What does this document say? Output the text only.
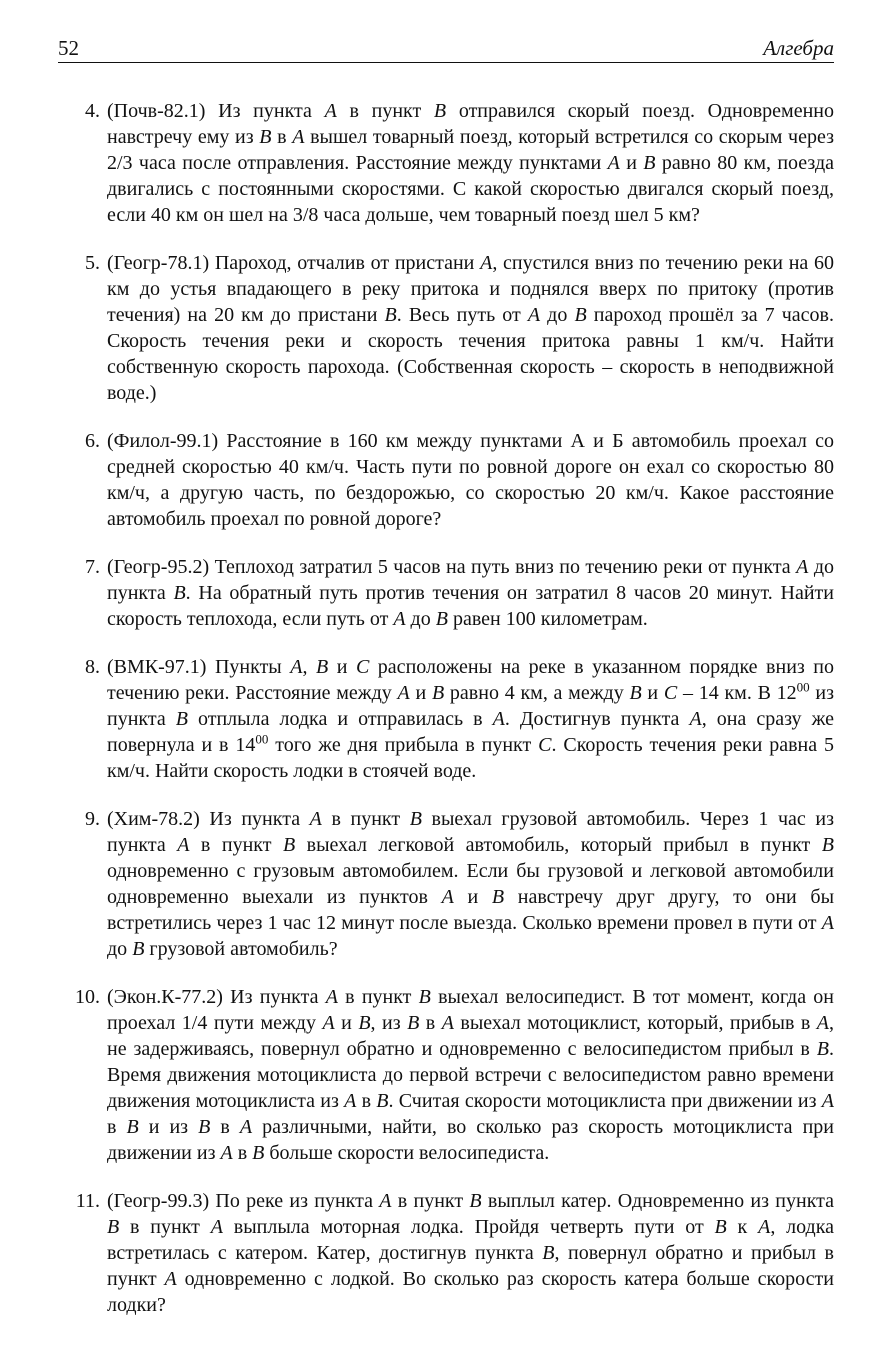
52	Алгебра
4. (Почв-82.1) Из пункта A в пункт B отправился скорый поезд. Одновременно навстречу ему из B в A вышел товарный поезд, который встретился со скорым через 2/3 часа после отправления. Расстояние между пунктами A и B равно 80 км, поезда двигались с постоянными скоростями. С какой скоростью двигался скорый поезд, если 40 км он шел на 3/8 часа дольше, чем товарный поезд шел 5 км?
5. (Геогр-78.1) Пароход, отчалив от пристани A, спустился вниз по течению реки на 60 км до устья впадающего в реку притока и поднялся вверх по притоку (против течения) на 20 км до пристани B. Весь путь от A до B пароход прошёл за 7 часов. Скорость течения реки и скорость течения притока равны 1 км/ч. Найти собственную скорость парохода. (Собственная скорость – скорость в неподвижной воде.)
6. (Филол-99.1) Расстояние в 160 км между пунктами А и Б автомобиль проехал со средней скоростью 40 км/ч. Часть пути по ровной дороге он ехал со скоростью 80 км/ч, а другую часть, по бездорожью, со скоростью 20 км/ч. Какое расстояние автомобиль проехал по ровной дороге?
7. (Геогр-95.2) Теплоход затратил 5 часов на путь вниз по течению реки от пункта A до пункта B. На обратный путь против течения он затратил 8 часов 20 минут. Найти скорость теплохода, если путь от A до B равен 100 километрам.
8. (ВМК-97.1) Пункты A, B и C расположены на реке в указанном порядке вниз по течению реки. Расстояние между A и B равно 4 км, а между B и C – 14 км. В $12^{00}$ из пункта B отплыла лодка и отправилась в A. Достигнув пункта A, она сразу же повернула и в $14^{00}$ того же дня прибыла в пункт C. Скорость течения реки равна 5 км/ч. Найти скорость лодки в стоячей воде.
9. (Хим-78.2) Из пункта A в пункт B выехал грузовой автомобиль. Через 1 час из пункта A в пункт B выехал легковой автомобиль, который прибыл в пункт B одновременно с грузовым автомобилем. Если бы грузовой и легковой автомобили одновременно выехали из пунктов A и B навстречу друг другу, то они бы встретились через 1 час 12 минут после выезда. Сколько времени провел в пути от A до B грузовой автомобиль?
10. (Экон.К-77.2) Из пункта A в пункт B выехал велосипедист. В тот момент, когда он проехал 1/4 пути между A и B, из B в A выехал мотоциклист, который, прибыв в A, не задерживаясь, повернул обратно и одновременно с велосипедистом прибыл в B. Время движения мотоциклиста до первой встречи с велосипедистом равно времени движения мотоциклиста из A в B. Считая скорости мотоциклиста при движении из A в B и из B в A различными, найти, во сколько раз скорость мотоциклиста при движении из A в B больше скорости велосипедиста.
11. (Геогр-99.3) По реке из пункта A в пункт B выплыл катер. Одновременно из пункта B в пункт A выплыла моторная лодка. Пройдя четверть пути от B к A, лодка встретилась с катером. Катер, достигнув пункта B, повернул обратно и прибыл в пункт A одновременно с лодкой. Во сколько раз скорость катера больше скорости лодки?
